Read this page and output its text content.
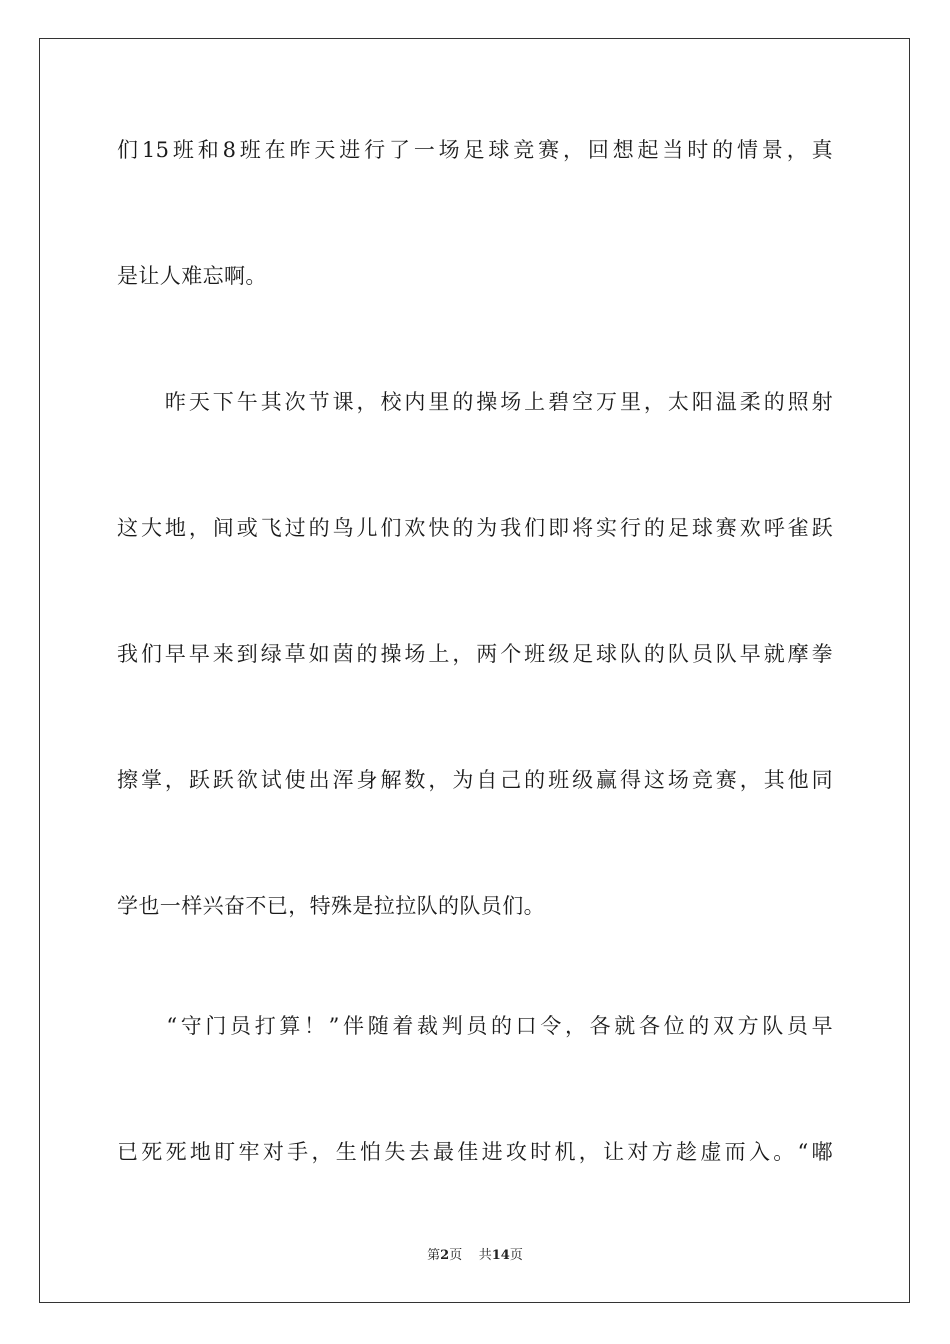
们15班和8班在昨天进行了一场足球竞赛，回想起当时的情景，真
是让人难忘啊。
　　昨天下午其次节课，校内里的操场上碧空万里，太阳温柔的照射
这大地，间或飞过的鸟儿们欢快的为我们即将实行的足球赛欢呼雀跃
我们早早来到绿草如茵的操场上，两个班级足球队的队员队早就摩拳
擦掌，跃跃欲试使出浑身解数，为自己的班级赢得这场竞赛，其他同
学也一样兴奋不已，特殊是拉拉队的队员们。
　　“守门员打算！”伴随着裁判员的口令，各就各位的双方队员早
已死死地盯牢对手，生怕失去最佳进攻时机，让对方趁虚而入。“嘟
第2页 共14页
